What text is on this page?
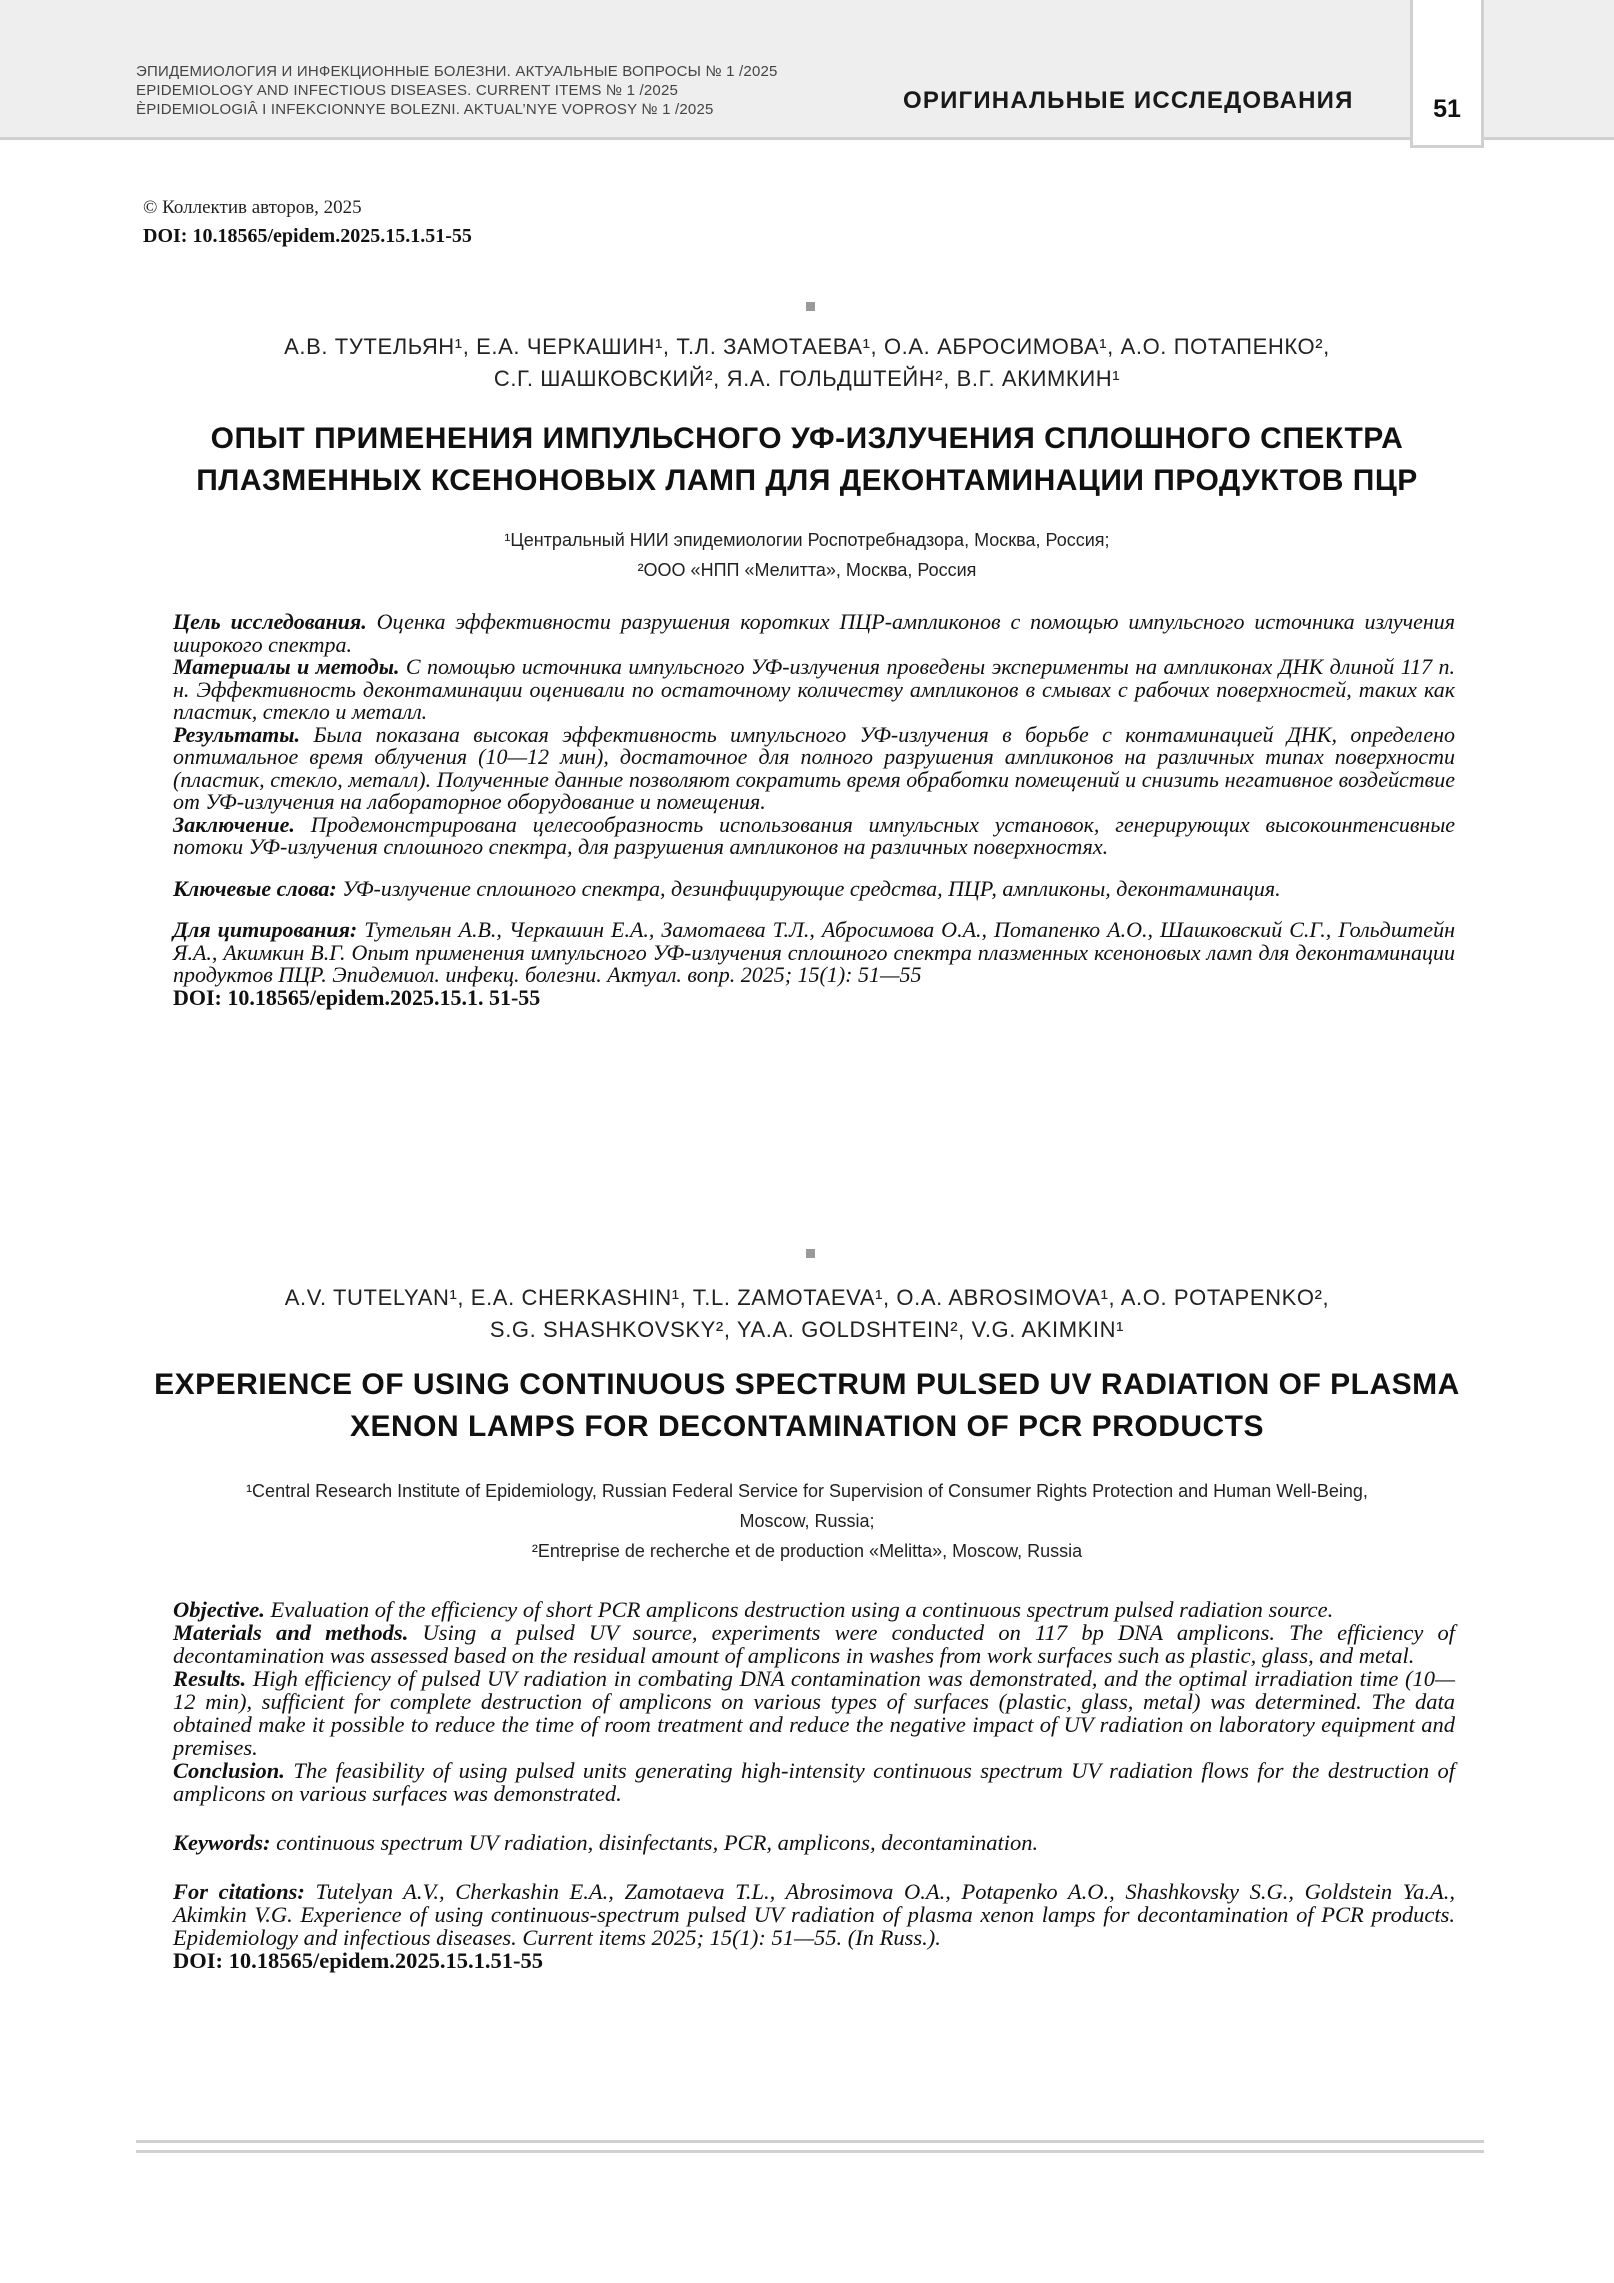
ЭПИДЕМИОЛОГИЯ И ИНФЕКЦИОННЫЕ БОЛЕЗНИ. АКТУАЛЬНЫЕ ВОПРОСЫ № 1 /2025
EPIDEMIOLOGY AND INFECTIOUS DISEASES. CURRENT ITEMS № 1 /2025
ÈPIDEMIOLOGIÂ I INFEKCIONNYE BOLEZNI. AKTUAL’NYE VOPROSY № 1 /2025	ОРИГИНАЛЬНЫЕ ИССЛЕДОВАНИЯ	51
© Коллектив авторов, 2025
DOI: 10.18565/epidem.2025.15.1.51-55
А.В. ТУТЕЛЬЯН¹, Е.А. ЧЕРКАШИН¹, Т.Л. ЗАМОТАЕВА¹, О.А. АБРОСИМОВА¹, А.О. ПОТАПЕНКО²,
С.Г. ШАШКОВСКИЙ², Я.А. ГОЛЬДШТЕЙН², В.Г. АКИМКИН¹
ОПЫТ ПРИМЕНЕНИЯ ИМПУЛЬСНОГО УФ-ИЗЛУЧЕНИЯ СПЛОШНОГО СПЕКТРА
ПЛАЗМЕННЫХ КСЕНОНОВЫХ ЛАМП ДЛЯ ДЕКОНТАМИНАЦИИ ПРОДУКТОВ ПЦР
¹Центральный НИИ эпидемиологии Роспотребнадзора, Москва, Россия;
²ООО «НПП «Мелитта», Москва, Россия

Цель исследования. Оценка эффективности разрушения коротких ПЦР-ампликонов с помощью импульсного источника излучения широкого спектра.

Материалы и методы. С помощью источника импульсного УФ-излучения проведены эксперименты на ампликонах ДНК длиной 117 п. н. Эффективность деконтаминации оценивали по остаточному количеству ампликонов в смывах с рабочих поверхностей, таких как пластик, стекло и металл.

Результаты. Была показана высокая эффективность импульсного УФ-излучения в борьбе с контаминацией ДНК, определено оптимальное время облучения (10—12 мин), достаточное для полного разрушения ампликонов на различных типах поверхности (пластик, стекло, металл). Полученные данные позволяют сократить время обработки помещений и снизить негативное воздействие от УФ-излучения на лабораторное оборудование и помещения.

Заключение. Продемонстрирована целесообразность использования импульсных установок, генерирующих высокоинтенсивные потоки УФ-излучения сплошного спектра, для разрушения ампликонов на различных поверхностях.

Ключевые слова: УФ-излучение сплошного спектра, дезинфицирующие средства, ПЦР, ампликоны, деконтаминация.

Для цитирования: Тутельян А.В., Черкашин Е.А., Замотаева Т.Л., Абросимова О.А., Потапенко А.О., Шашковский С.Г., Гольдштейн Я.А., Акимкин В.Г. Опыт применения импульсного УФ-излучения сплошного спектра плазменных ксеноновых ламп для деконтаминации продуктов ПЦР. Эпидемиол. инфекц. болезни. Актуал. вопр. 2025; 15(1): 51—55

DOI: 10.18565/epidem.2025.15.1. 51-55

A.V. TUTELYAN¹, E.A. CHERKASHIN¹, T.L. ZAMOTAEVA¹, O.A. ABROSIMOVA¹, A.O. POTAPENKO²,
S.G. SHASHKOVSKY², YA.A. GOLDSHTEIN², V.G. AKIMKIN¹
EXPERIENCE OF USING CONTINUOUS SPECTRUM PULSED UV RADIATION OF PLASMA
XENON LAMPS FOR DECONTAMINATION OF PCR PRODUCTS
¹Central Research Institute of Epidemiology, Russian Federal Service for Supervision of Consumer Rights Protection and Human Well-Being,
Moscow, Russia;
²Entreprise de recherche et de production «Melitta», Moscow, Russia

Objective. Evaluation of the efficiency of short PCR amplicons destruction using a continuous spectrum pulsed radiation source.

Materials and methods. Using a pulsed UV source, experiments were conducted on 117 bp DNA amplicons. The efficiency of decontamination was assessed based on the residual amount of amplicons in washes from work surfaces such as plastic, glass, and metal.

Results. High efficiency of pulsed UV radiation in combating DNA contamination was demonstrated, and the optimal irradiation time (10—12 min), sufficient for complete destruction of amplicons on various types of surfaces (plastic, glass, metal) was determined. The data obtained make it possible to reduce the time of room treatment and reduce the negative impact of UV radiation on laboratory equipment and premises.

Conclusion. The feasibility of using pulsed units generating high-intensity continuous spectrum UV radiation flows for the destruction of amplicons on various surfaces was demonstrated.

Keywords: continuous spectrum UV radiation, disinfectants, PCR, amplicons, decontamination.

For citations: Tutelyan A.V., Cherkashin E.A., Zamotaeva T.L., Abrosimova O.A., Potapenko A.O., Shashkovsky S.G., Goldstein Ya.A., Akimkin V.G. Experience of using continuous-spectrum pulsed UV radiation of plasma xenon lamps for decontamination of PCR products. Epidemiology and infectious diseases. Current items 2025; 15(1): 51—55. (In Russ.).

DOI: 10.18565/epidem.2025.15.1.51-55
